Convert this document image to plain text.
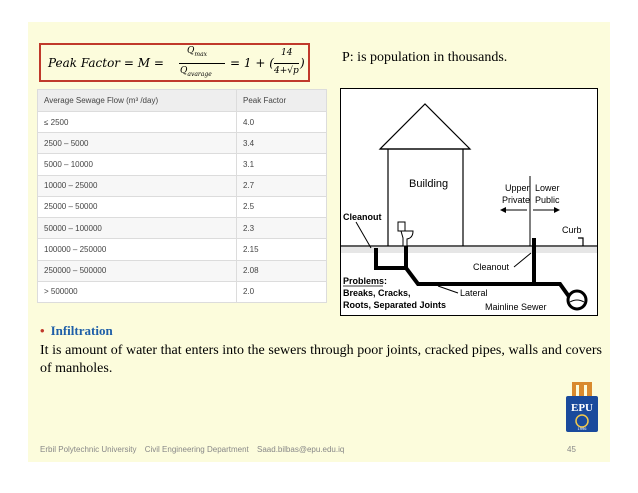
Peak Factor = M =
$Q_{max}$
$Q_{avarage}$
= 1 + (
14
4+√p
)	P: is population in thousands.
Average Sewage Flow (m³ /day)	Peak Factor
≤ 2500	4.0
2500 – 5000	3.4
5000 – 10000	3.1
10000 – 25000	2.7
25000 – 50000	2.5
50000 – 100000	2.3
100000 – 250000	2.15
250000 – 500000	2.08
> 500000	2.0
Building	Upper
Private
Lower
Public
Cleanout
Curb
Cleanout
Problems:
Breaks, Cracks,
Roots, Separated Joints
Lateral
Mainline Sewer
• Infiltration
It is amount of water that enters into the sewers through poor joints, cracked pipes, walls and covers of manholes.
EPU
1996
Erbil Polytechnic University Civil Engineering Department Saad.bilbas@epu.edu.iq	45
